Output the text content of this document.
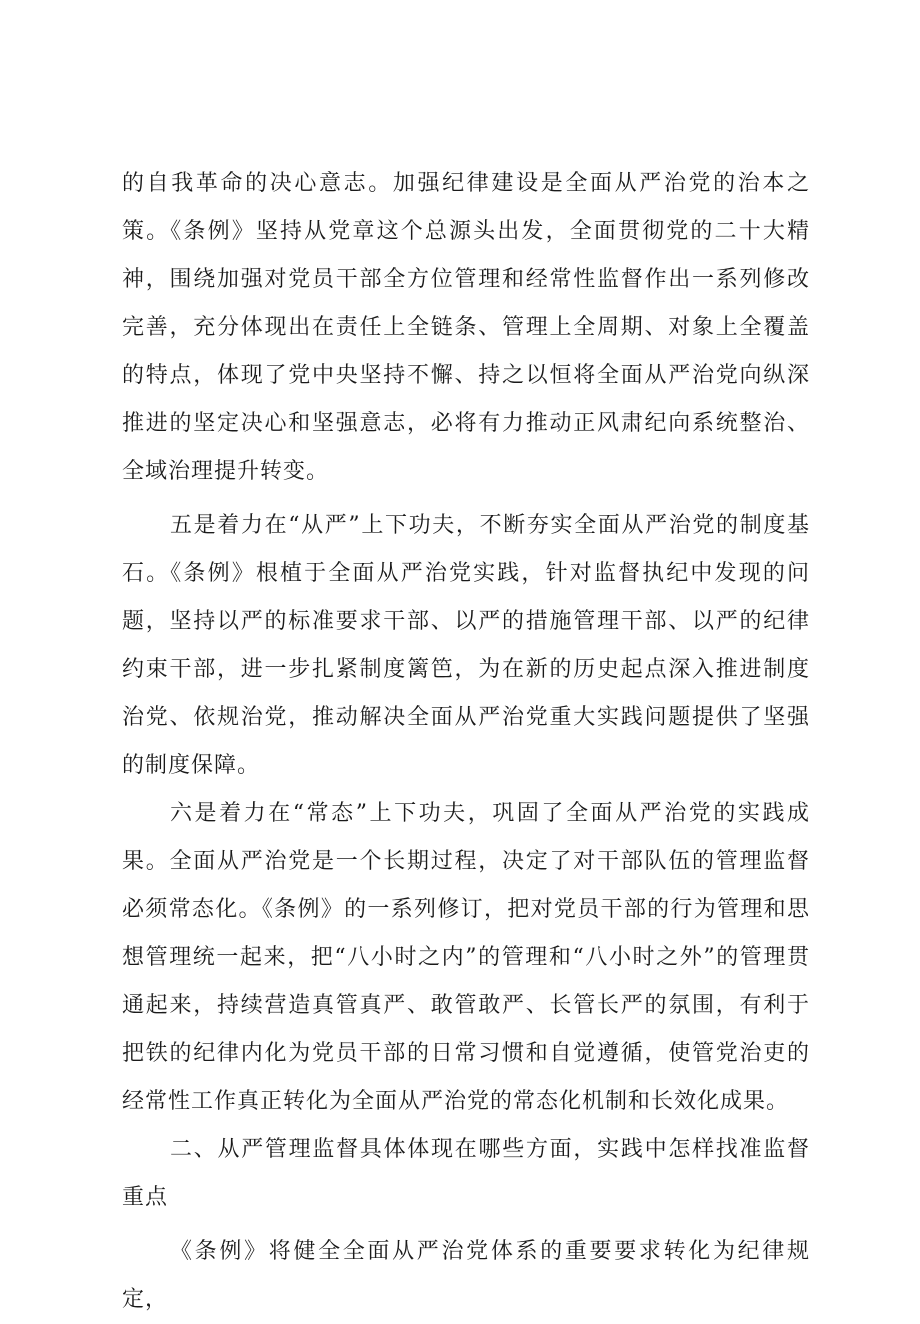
的自我革命的决心意志。加强纪律建设是全面从严治党的治本之策。《条例》坚持从党章这个总源头出发，全面贯彻党的二十大精神，围绕加强对党员干部全方位管理和经常性监督作出一系列修改完善，充分体现出在责任上全链条、管理上全周期、对象上全覆盖的特点，体现了党中央坚持不懈、持之以恒将全面从严治党向纵深推进的坚定决心和坚强意志，必将有力推动正风肃纪向系统整治、全域治理提升转变。

五是着力在“从严”上下功夫，不断夯实全面从严治党的制度基石。《条例》根植于全面从严治党实践，针对监督执纪中发现的问题，坚持以严的标准要求干部、以严的措施管理干部、以严的纪律约束干部，进一步扎紧制度篱笆，为在新的历史起点深入推进制度治党、依规治党，推动解决全面从严治党重大实践问题提供了坚强的制度保障。

六是着力在“常态”上下功夫，巩固了全面从严治党的实践成果。全面从严治党是一个长期过程，决定了对干部队伍的管理监督必须常态化。《条例》的一系列修订，把对党员干部的行为管理和思想管理统一起来，把“八小时之内”的管理和“八小时之外”的管理贯通起来，持续营造真管真严、敢管敢严、长管长严的氛围，有利于把铁的纪律内化为党员干部的日常习惯和自觉遵循，使管党治吏的经常性工作真正转化为全面从严治党的常态化机制和长效化成果。

二、从严管理监督具体体现在哪些方面，实践中怎样找准监督重点

《条例》将健全全面从严治党体系的重要要求转化为纪律规定，
